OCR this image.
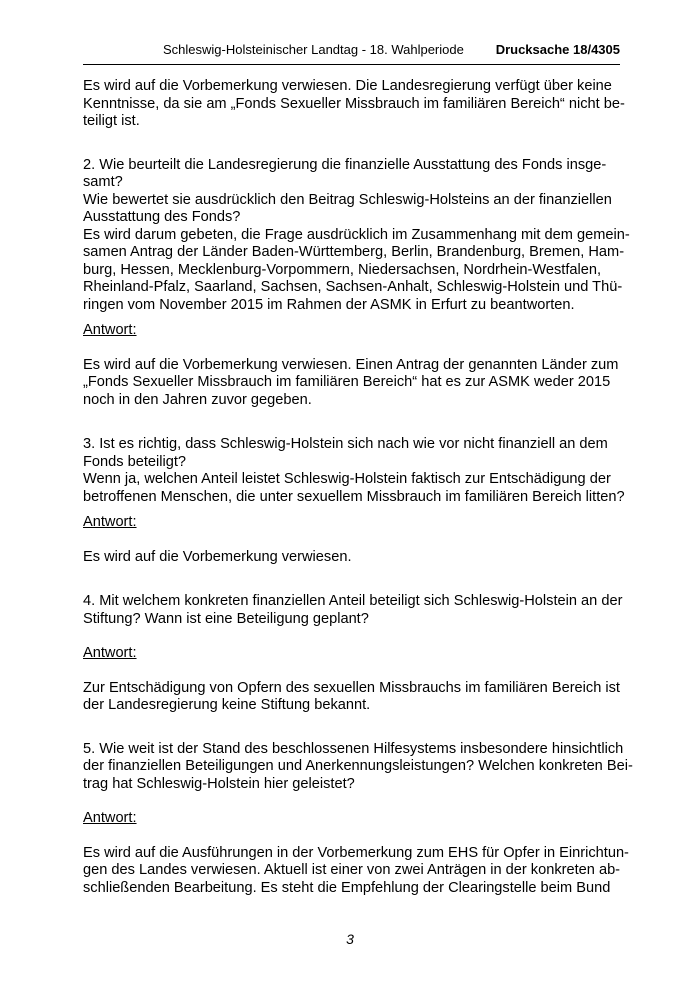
Schleswig-Holsteinischer Landtag - 18. Wahlperiode Drucksache 18/4305

Es wird auf die Vorbemerkung verwiesen. Die Landesregierung verfügt über keine
Kenntnisse, da sie am „Fonds Sexueller Missbrauch im familiären Bereich“ nicht be-
teiligt ist.

2. Wie beurteilt die Landesregierung die finanzielle Ausstattung des Fonds insge-
samt?
Wie bewertet sie ausdrücklich den Beitrag Schleswig-Holsteins an der finanziellen
Ausstattung des Fonds?
Es wird darum gebeten, die Frage ausdrücklich im Zusammenhang mit dem gemein-
samen Antrag der Länder Baden-Württemberg, Berlin, Brandenburg, Bremen, Ham-
burg, Hessen, Mecklenburg-Vorpommern, Niedersachsen, Nordrhein-Westfalen,
Rheinland-Pfalz, Saarland, Sachsen, Sachsen-Anhalt, Schleswig-Holstein und Thü-
ringen vom November 2015 im Rahmen der ASMK in Erfurt zu beantworten.

Antwort:

Es wird auf die Vorbemerkung verwiesen. Einen Antrag der genannten Länder zum
„Fonds Sexueller Missbrauch im familiären Bereich“ hat es zur ASMK weder 2015
noch in den Jahren zuvor gegeben.

3. Ist es richtig, dass Schleswig-Holstein sich nach wie vor nicht finanziell an dem
Fonds beteiligt?
Wenn ja, welchen Anteil leistet Schleswig-Holstein faktisch zur Entschädigung der
betroffenen Menschen, die unter sexuellem Missbrauch im familiären Bereich litten?

Antwort:

Es wird auf die Vorbemerkung verwiesen.

4. Mit welchem konkreten finanziellen Anteil beteiligt sich Schleswig-Holstein an der
Stiftung? Wann ist eine Beteiligung geplant?

Antwort:

Zur Entschädigung von Opfern des sexuellen Missbrauchs im familiären Bereich ist
der Landesregierung keine Stiftung bekannt.

5. Wie weit ist der Stand des beschlossenen Hilfesystems insbesondere hinsichtlich
der finanziellen Beteiligungen und Anerkennungsleistungen? Welchen konkreten Bei-
trag hat Schleswig-Holstein hier geleistet?

Antwort:

Es wird auf die Ausführungen in der Vorbemerkung zum EHS für Opfer in Einrichtun-
gen des Landes verwiesen. Aktuell ist einer von zwei Anträgen in der konkreten ab-
schließenden Bearbeitung. Es steht die Empfehlung der Clearingstelle beim Bund

3
